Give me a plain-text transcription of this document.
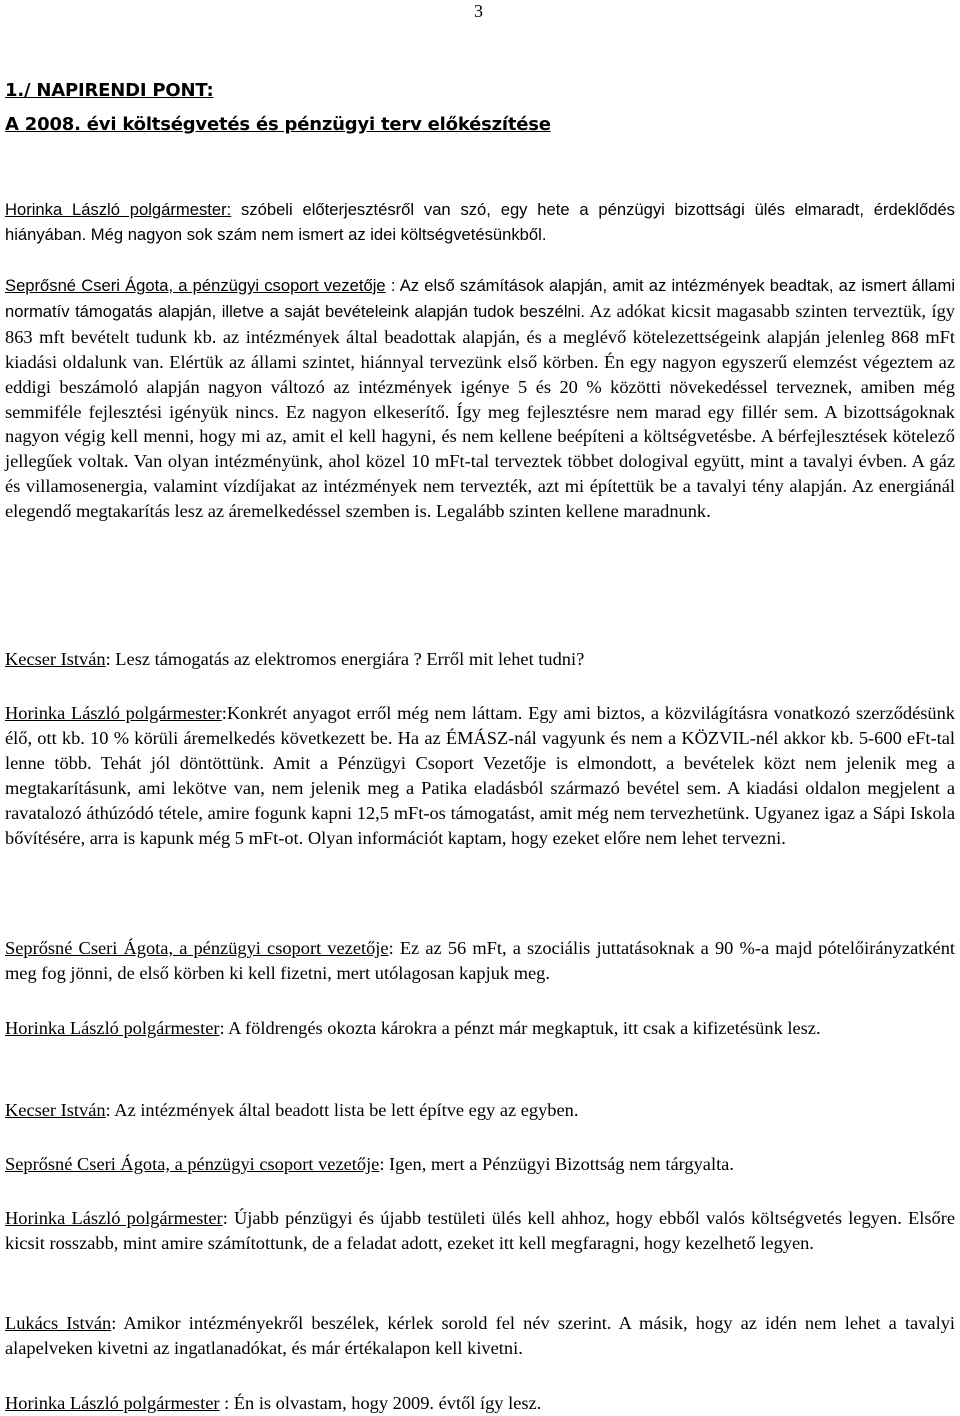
3
1./ NAPIRENDI PONT:
A 2008. évi költségvetés és pénzügyi terv előkészítése

Horinka László polgármester: szóbeli előterjesztésről van szó, egy hete a pénzügyi bizottsági ülés elmaradt, érdeklődés hiányában. Még nagyon sok szám nem ismert az idei költségvetésünkből.

Seprősné Cseri Ágota, a pénzügyi csoport vezetője : Az első számítások alapján, amit az intézmények beadtak, az ismert állami normatív támogatás alapján, illetve a saját bevételeink alapján tudok beszélni. Az adókat kicsit magasabb szinten terveztük, így 863 mft bevételt tudunk kb. az intézmények által beadottak alapján, és a meglévő kötelezettségeink alapján jelenleg 868 mFt kiadási oldalunk van. Elértük az állami szintet, hiánnyal tervezünk első körben. Én egy nagyon egyszerű elemzést végeztem az eddigi beszámoló alapján nagyon változó az intézmények igénye 5 és 20 % közötti növekedéssel terveznek, amiben még semmiféle fejlesztési igényük nincs. Ez nagyon elkeserítő. Így meg fejlesztésre nem marad egy fillér sem. A bizottságoknak nagyon végig kell menni, hogy mi az, amit el kell hagyni, és nem kellene beépíteni a költségvetésbe. A bérfejlesztések kötelező jellegűek voltak. Van olyan intézményünk, ahol közel 10 mFt-tal terveztek többet dologival együtt, mint a tavalyi évben. A gáz és villamosenergia, valamint vízdíjakat az intézmények nem tervezték, azt mi építettük be a tavalyi tény alapján. Az energiánál elegendő megtakarítás lesz az áremelkedéssel szemben is. Legalább szinten kellene maradnunk.

Kecser István: Lesz támogatás az elektromos energiára ? Erről mit lehet tudni?

Horinka László polgármester:Konkrét anyagot erről még nem láttam. Egy ami biztos, a közvilágításra vonatkozó szerződésünk élő, ott kb. 10 % körüli áremelkedés következett be. Ha az ÉMÁSZ-nál vagyunk és nem a KÖZVIL-nél akkor kb. 5-600 eFt-tal lenne több. Tehát jól döntöttünk. Amit a Pénzügyi Csoport Vezetője is elmondott, a bevételek közt nem jelenik meg a megtakarításunk, ami lekötve van, nem jelenik meg a Patika eladásból származó bevétel sem. A kiadási oldalon megjelent a ravatalozó áthúzódó tétele, amire fogunk kapni 12,5 mFt-os támogatást, amit még nem tervezhetünk. Ugyanez igaz a Sápi Iskola bővítésére, arra is kapunk még 5 mFt-ot. Olyan információt kaptam, hogy ezeket előre nem lehet tervezni.

Seprősné Cseri Ágota, a pénzügyi csoport vezetője: Ez az 56 mFt, a szociális juttatásoknak a 90 %-a majd pótelőirányzatként meg fog jönni, de első körben ki kell fizetni, mert utólagosan kapjuk meg.

Horinka László polgármester: A földrengés okozta károkra a pénzt már megkaptuk, itt csak a kifizetésünk lesz.

Kecser István: Az intézmények által beadott lista be lett építve egy az egyben.

Seprősné Cseri Ágota, a pénzügyi csoport vezetője: Igen, mert a Pénzügyi Bizottság nem tárgyalta.

Horinka László polgármester: Újabb pénzügyi és újabb testületi ülés kell ahhoz, hogy ebből valós költségvetés legyen. Elsőre kicsit rosszabb, mint amire számítottunk, de a feladat adott, ezeket itt kell megfaragni, hogy kezelhető legyen.

Lukács István: Amikor intézményekről beszélek, kérlek sorold fel név szerint. A másik, hogy az idén nem lehet a tavalyi alapelveken kivetni az ingatlanadókat, és már értékalapon kell kivetni.

Horinka László polgármester : Én is olvastam, hogy 2009. évtől így lesz.
